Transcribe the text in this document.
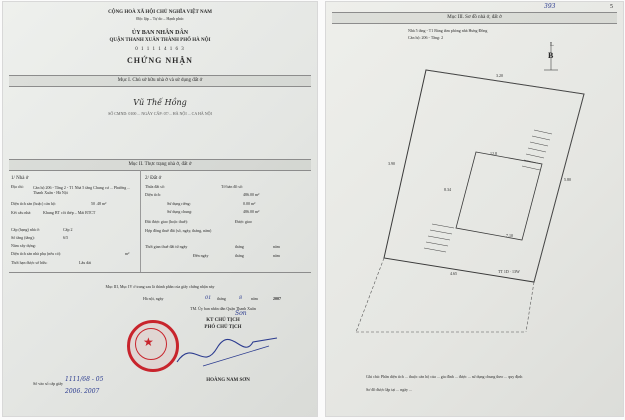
CỘNG HOÀ XÃ HỘI CHỦ NGHĨA VIỆT NAM
Độc lập – Tự do – Hạnh phúc
ỦY BAN NHÂN DÂN
QUẬN THANH XUÂN THÀNH PHỐ HÀ NỘI
0 1 1 1 1 4 1 6 3
CHỨNG NHẬN
Mục I. Chủ sở hữu nhà ở và sử dụng đất ở
Vũ Thế Hồng
SỐ CMND: 0100 ... NGÀY CẤP: 07/... HÀ NỘI ... CA HÀ NỘI
Mục II. Thực trạng nhà ở, đất ở
1/ Nhà ở
Địa chỉ: Căn hộ 206 - Tầng 2 - T1 Nhà 5 tầng Chung cư ... Phường ... Thanh Xuân - Hà Nội
Diện tích sàn (hoặc) căn hộ:	50 .48 m²
Kết cấu nhà:	Khung BT cốt thép – Mái BTCT
Cấp (hạng) nhà ở:	Cấp 2
Số tầng (tầng):	6/5
Năm xây dựng:
Diện tích sàn nhà phụ (nếu có):	m²
Thời hạn được sở hữu:	Lâu dài
2/ Đất ở
Thửa đất số:	Tờ bản đồ số:
Diện tích:	486.00 m²
Sử dụng riêng:	0.00 m²
Sử dụng chung:	486.00 m²
Đất được giao (hoặc thuê):	Được giao
Hợp đồng thuê đất (số, ngày, tháng, năm)
Thời gian thuê đất từ ngày	tháng	năm
Đến ngày	tháng	năm
Mục III, Mục IV ở trang sau là thành phần của giấy chứng nhận này
Hà nội, ngày	01 tháng	8 năm	2007
TM. Ủy ban nhân dân Quận Thanh Xuân
KT CHỦ TỊCH
PHÓ CHỦ TỊCH
Sơn
★
HOÀNG NAM SƠN
Số vào sổ cấp giấy
1111/68 - 05
2006. 2007
Mục III. Sơ đồ nhà ở, đất ở
393	5
Nhà 5 tầng - T1 Bảng tầm phòng nhà Hưng Đồng
Căn hộ: 206 - Tầng: 2
B
L
3.20
5.80
4.65
3.90
12.8
8.34
7.10
TT 1D · 13W
Ghi chú: Phần diện tích ... thuộc căn hộ của ... gia đình ... được ... sử dụng chung theo ... quy định
Sơ đồ được lập tại ... ngày ...
